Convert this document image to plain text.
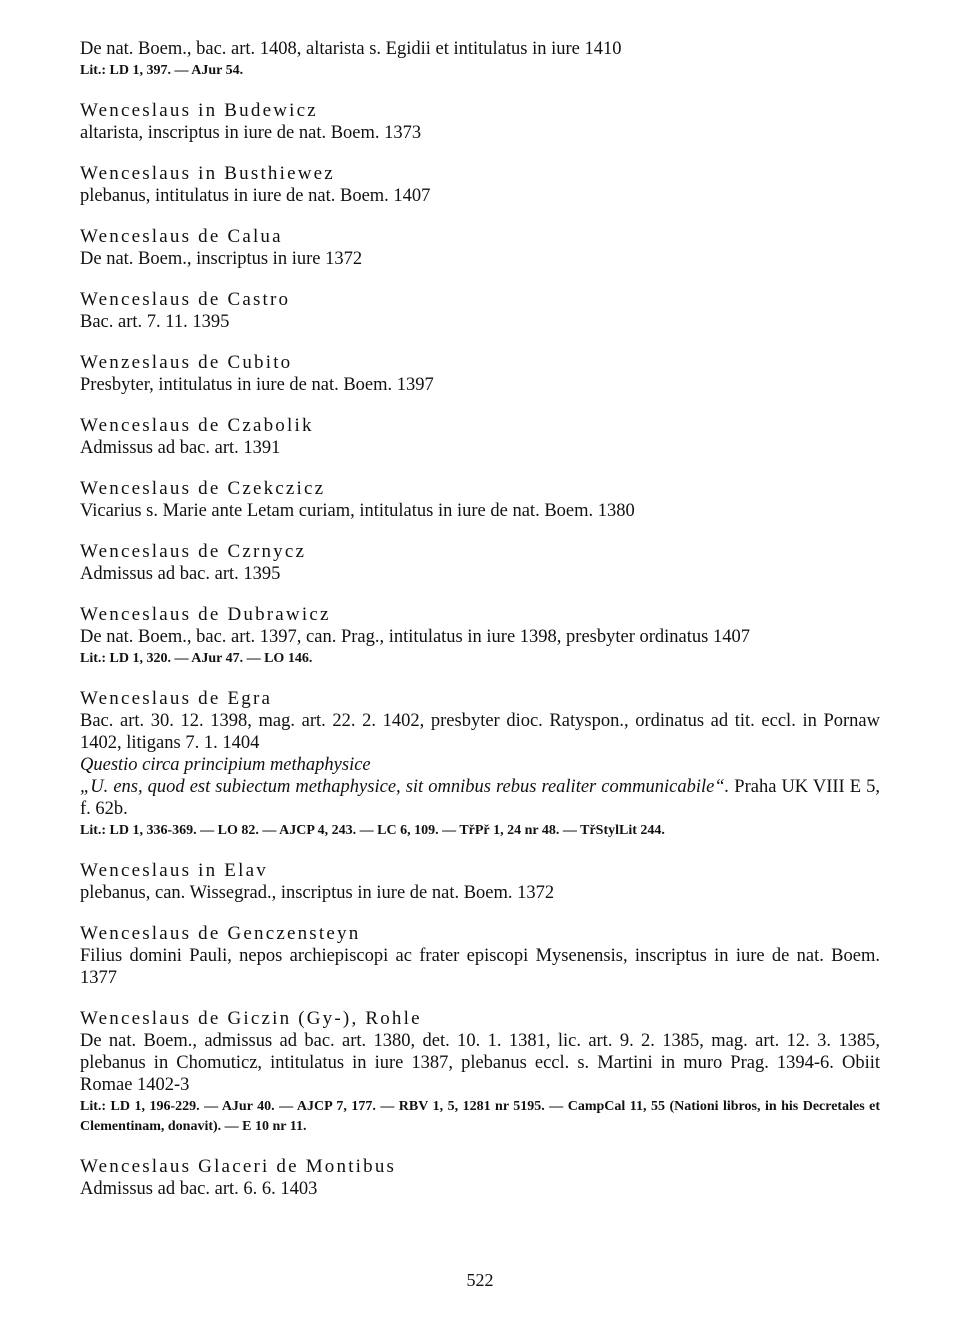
De nat. Boem., bac. art. 1408, altarista s. Egidii et intitulatus in iure 1410
Lit.: LD 1, 397. — AJur 54.
Wenceslaus in Budewicz
altarista, inscriptus in iure de nat. Boem. 1373
Wenceslaus in Busthiewez
plebanus, intitulatus in iure de nat. Boem. 1407
Wenceslaus de Calua
De nat. Boem., inscriptus in iure 1372
Wenceslaus de Castro
Bac. art. 7. 11. 1395
Wenzeslaus de Cubito
Presbyter, intitulatus in iure de nat. Boem. 1397
Wenceslaus de Czabolik
Admissus ad bac. art. 1391
Wenceslaus de Czekczicz
Vicarius s. Marie ante Letam curiam, intitulatus in iure de nat. Boem. 1380
Wenceslaus de Czrnycz
Admissus ad bac. art. 1395
Wenceslaus de Dubrawicz
De nat. Boem., bac. art. 1397, can. Prag., intitulatus in iure 1398, presbyter ordinatus 1407
Lit.: LD 1, 320. — AJur 47. — LO 146.
Wenceslaus de Egra
Bac. art. 30. 12. 1398, mag. art. 22. 2. 1402, presbyter dioc. Ratyspon., ordinatus ad tit. eccl. in Pornaw 1402, litigans 7. 1. 1404
Questio circa principium methaphysice
„U. ens, quod est subiectum methaphysice, sit omnibus rebus realiter communicabile“. Praha UK VIII E 5, f. 62b.
Lit.: LD 1, 336-369. — LO 82. — AJCP 4, 243. — LC 6, 109. — TřPř 1, 24 nr 48. — TřStylLit 244.
Wenceslaus in Elav
plebanus, can. Wissegrad., inscriptus in iure de nat. Boem. 1372
Wenceslaus de Genczensteyn
Filius domini Pauli, nepos archiepiscopi ac frater episcopi Mysenensis, inscriptus in iure de nat. Boem. 1377
Wenceslaus de Giczin (Gy-), Rohle
De nat. Boem., admissus ad bac. art. 1380, det. 10. 1. 1381, lic. art. 9. 2. 1385, mag. art. 12. 3. 1385, plebanus in Chomuticz, intitulatus in iure 1387, plebanus eccl. s. Martini in muro Prag. 1394-6. Obiit Romae 1402-3
Lit.: LD 1, 196-229. — AJur 40. — AJCP 7, 177. — RBV 1, 5, 1281 nr 5195. — CampCal 11, 55 (Nationi libros, in his Decretales et Clementinam, donavit). — E 10 nr 11.
Wenceslaus Glaceri de Montibus
Admissus ad bac. art. 6. 6. 1403
522
